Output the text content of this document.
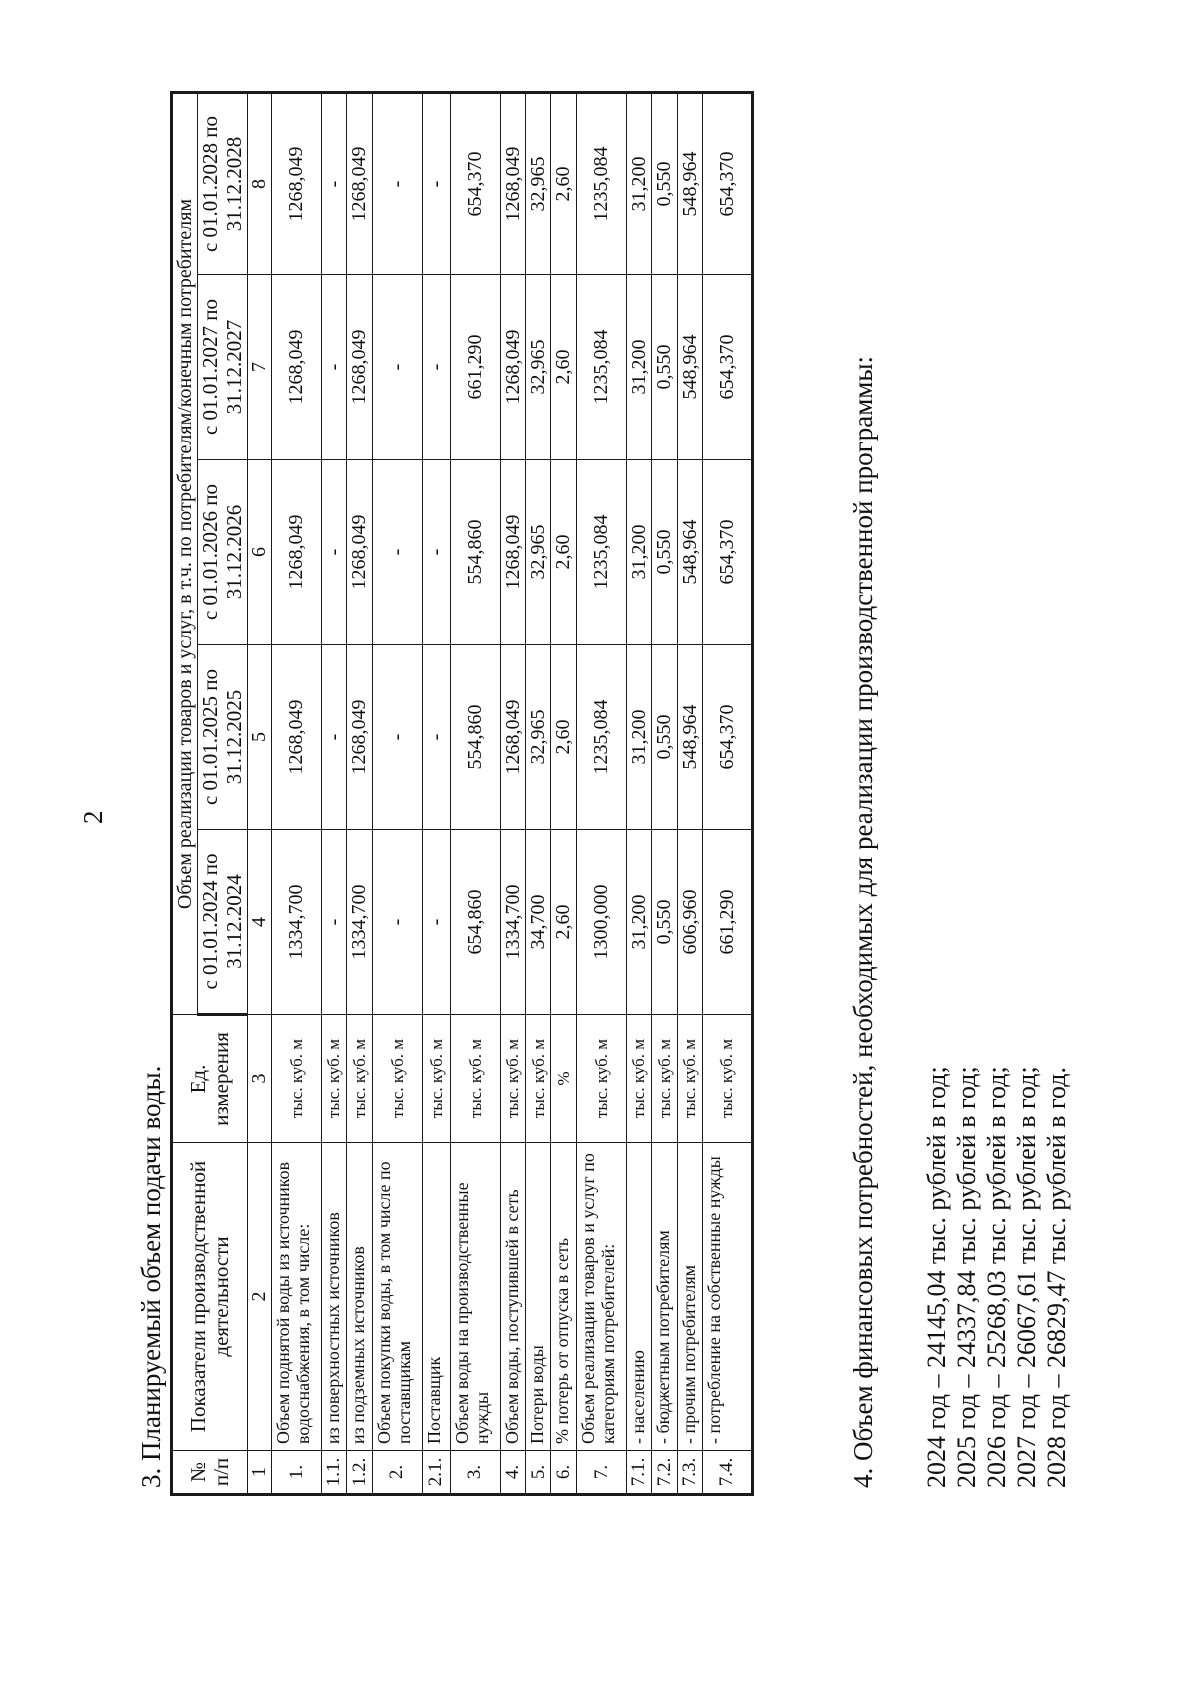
2
3. Планируемый объем подачи воды. № п/п	Показатели производственной деятельности	Ед. измерения	Объем реализации товаров и услуг, в т.ч. по потребителям/конечным потребителям				
			с 01.01.2024 по 31.12.2024	с 01.01.2025 по 31.12.2025	с 01.01.2026 по 31.12.2026	с 01.01.2027 по 31.12.2027	с 01.01.2028 по 31.12.2028
1	2	3	4	5	6	7	8
1.	Объем поднятой воды из источников водоснабжения, в том числе:	тыс. куб. м	1334,700	1268,049	1268,049	1268,049	1268,049
1.1.	из поверхностных источников	тыс. куб. м	-	-	-	-	-
1.2.	из подземных источников	тыс. куб. м	1334,700	1268,049	1268,049	1268,049	1268,049
2.	Объем покупки воды, в том числе по поставщикам	тыс. куб. м	-	-	-	-	-
2.1.	Поставщик	тыс. куб. м	-	-	-	-	-
3.	Объем воды на производственные нужды	тыс. куб. м	654,860	554,860	554,860	661,290	654,370
4.	Объем воды, поступившей в сеть	тыс. куб. м	1334,700	1268,049	1268,049	1268,049	1268,049
5.	Потери воды	тыс. куб. м	34,700	32,965	32,965	32,965	32,965
6.	% потерь от отпуска в сеть	%	2,60	2,60	2,60	2,60	2,60
7.	Объем реализации товаров и услуг по категориям потребителей:	тыс. куб. м	1300,000	1235,084	1235,084	1235,084	1235,084
7.1.	- населению	тыс. куб. м	31,200	31,200	31,200	31,200	31,200
7.2.	- бюджетным потребителям	тыс. куб. м	0,550	0,550	0,550	0,550	0,550
7.3.	- прочим потребителям	тыс. куб. м	606,960	548,964	548,964	548,964	548,964
7.4.	- потребление на собственные нужды	тыс. куб. м	661,290	654,370	654,370	654,370	654,370
4. Объем финансовых потребностей, необходимых для реализации производственной программы: 2024 год – 24145,04 тыс. рублей в год; 2025 год – 24337,84 тыс. рублей в год; 2026 год – 25268,03 тыс. рублей в год; 2027 год – 26067,61 тыс. рублей в год; 2028 год – 26829,47 тыс. рублей в год.
